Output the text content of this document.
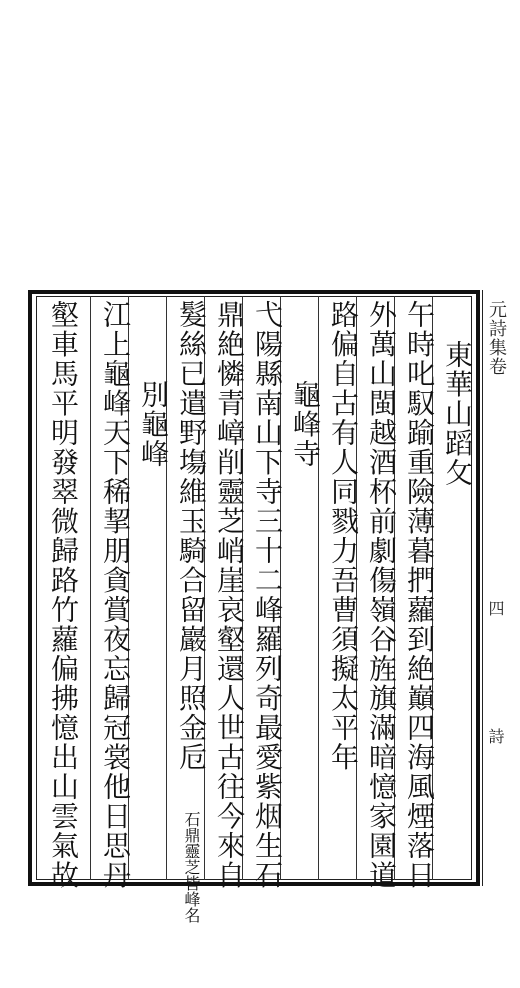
東華山蹈攵
午時叱馭踰重險薄暮捫蘿到絶巔四海風煙落日
外萬山閩越酒杯前劇傷嶺谷旌旗滿暗憶家園道
路偏自古有人同戮力吾曹須擬太平年
龜峰寺
弋陽縣南山下寺三十二峰羅列奇最愛紫烟生石
鼎絶憐青嶂削靈芝峭崖哀壑還人世古往今來自
髮絲已遣野塲維玉騎合留巖月照金卮 石鼎靈芝皆峰名
別龜峰
江上龜峰天下稀挈朋貪賞夜忘歸冠裳他日思丹
壑車馬平明發翠微歸路竹蘿偏拂憶出山雲氣故	元詩集卷
四
詩
